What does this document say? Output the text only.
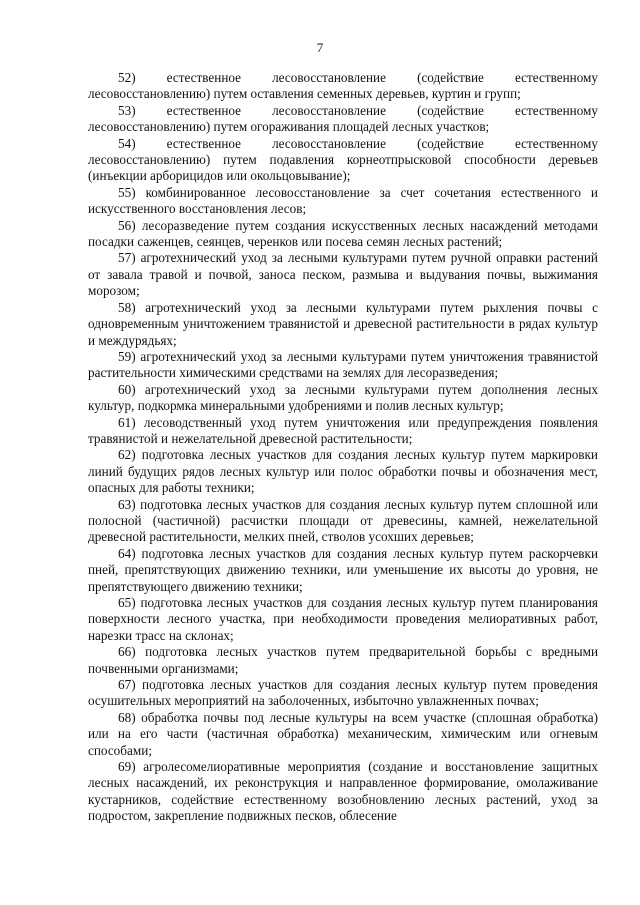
7

52) естественное лесовосстановление (содействие естественному лесовосстановлению) путем оставления семенных деревьев, куртин и групп;

53) естественное лесовосстановление (содействие естественному лесовосстановлению) путем огораживания площадей лесных участков;

54) естественное лесовосстановление (содействие естественному лесовосстановлению) путем подавления корнеотпрысковой способности деревьев (инъекции арборицидов или окольцовывание);

55) комбинированное лесовосстановление за счет сочетания естественного и искусственного восстановления лесов;

56) лесоразведение путем создания искусственных лесных насаждений методами посадки саженцев, сеянцев, черенков или посева семян лесных растений;

57) агротехнический уход за лесными культурами путем ручной оправки растений от завала травой и почвой, заноса песком, размыва и выдувания почвы, выжимания морозом;

58) агротехнический уход за лесными культурами путем рыхления почвы с одновременным уничтожением травянистой и древесной растительности в рядах культур и междурядьях;

59) агротехнический уход за лесными культурами путем уничтожения травянистой растительности химическими средствами на землях для лесоразведения;

60) агротехнический уход за лесными культурами путем дополнения лесных культур, подкормка минеральными удобрениями и полив лесных культур;

61) лесоводственный уход путем уничтожения или предупреждения появления травянистой и нежелательной древесной растительности;

62) подготовка лесных участков для создания лесных культур путем маркировки линий будущих рядов лесных культур или полос обработки почвы и обозначения мест, опасных для работы техники;

63) подготовка лесных участков для создания лесных культур путем сплошной или полосной (частичной) расчистки площади от древесины, камней, нежелательной древесной растительности, мелких пней, стволов усохших деревьев;

64) подготовка лесных участков для создания лесных культур путем раскорчевки пней, препятствующих движению техники, или уменьшение их высоты до уровня, не препятствующего движению техники;

65) подготовка лесных участков для создания лесных культур путем планирования поверхности лесного участка, при необходимости проведения мелиоративных работ, нарезки трасс на склонах;

66) подготовка лесных участков путем предварительной борьбы с вредными почвенными организмами;

67) подготовка лесных участков для создания лесных культур путем проведения осушительных мероприятий на заболоченных, избыточно увлажненных почвах;

68) обработка почвы под лесные культуры на всем участке (сплошная обработка) или на его части (частичная обработка) механическим, химическим или огневым способами;

69) агролесомелиоративные мероприятия (создание и восстановление защитных лесных насаждений, их реконструкция и направленное формирование, омолаживание кустарников, содействие естественному возобновлению лесных растений, уход за подростом, закрепление подвижных песков, облесение
